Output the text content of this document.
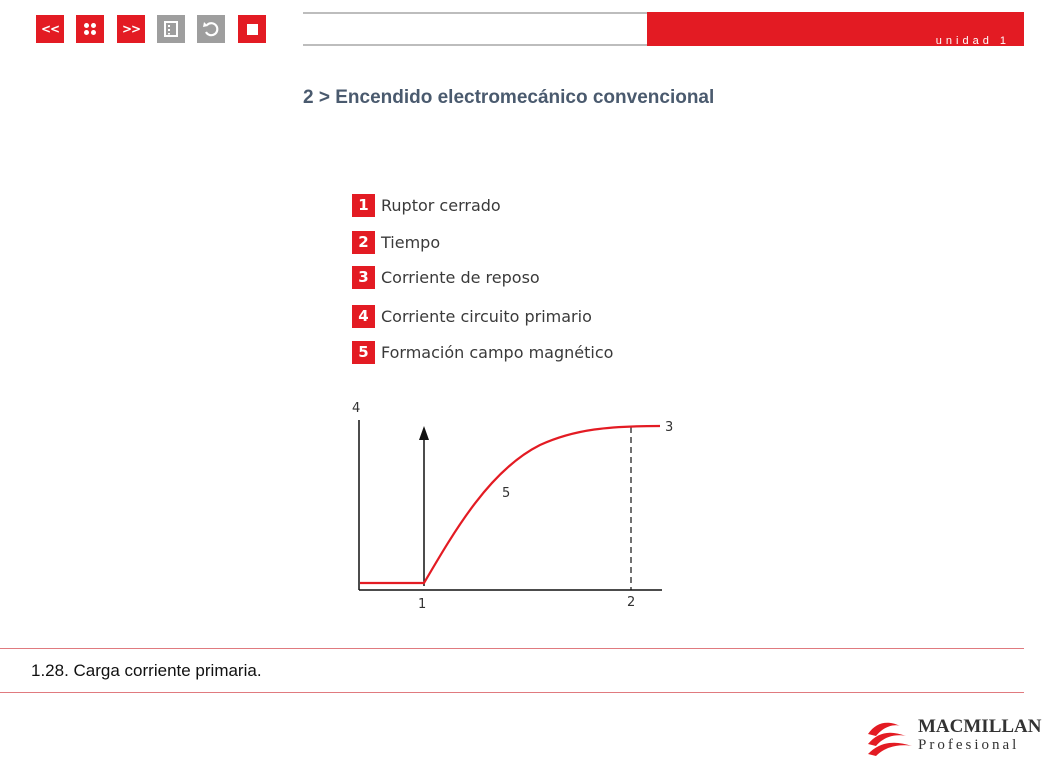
<<	>>
unidad 1
2 > Encendido electromecánico convencional
1 Ruptor cerrado
2 Tiempo
3 Corriente de reposo
4 Corriente circuito primario
5 Formación campo magnético
4
1	2
3
5
1.28. Carga corriente primaria.
MACMILLAN
Profesional
